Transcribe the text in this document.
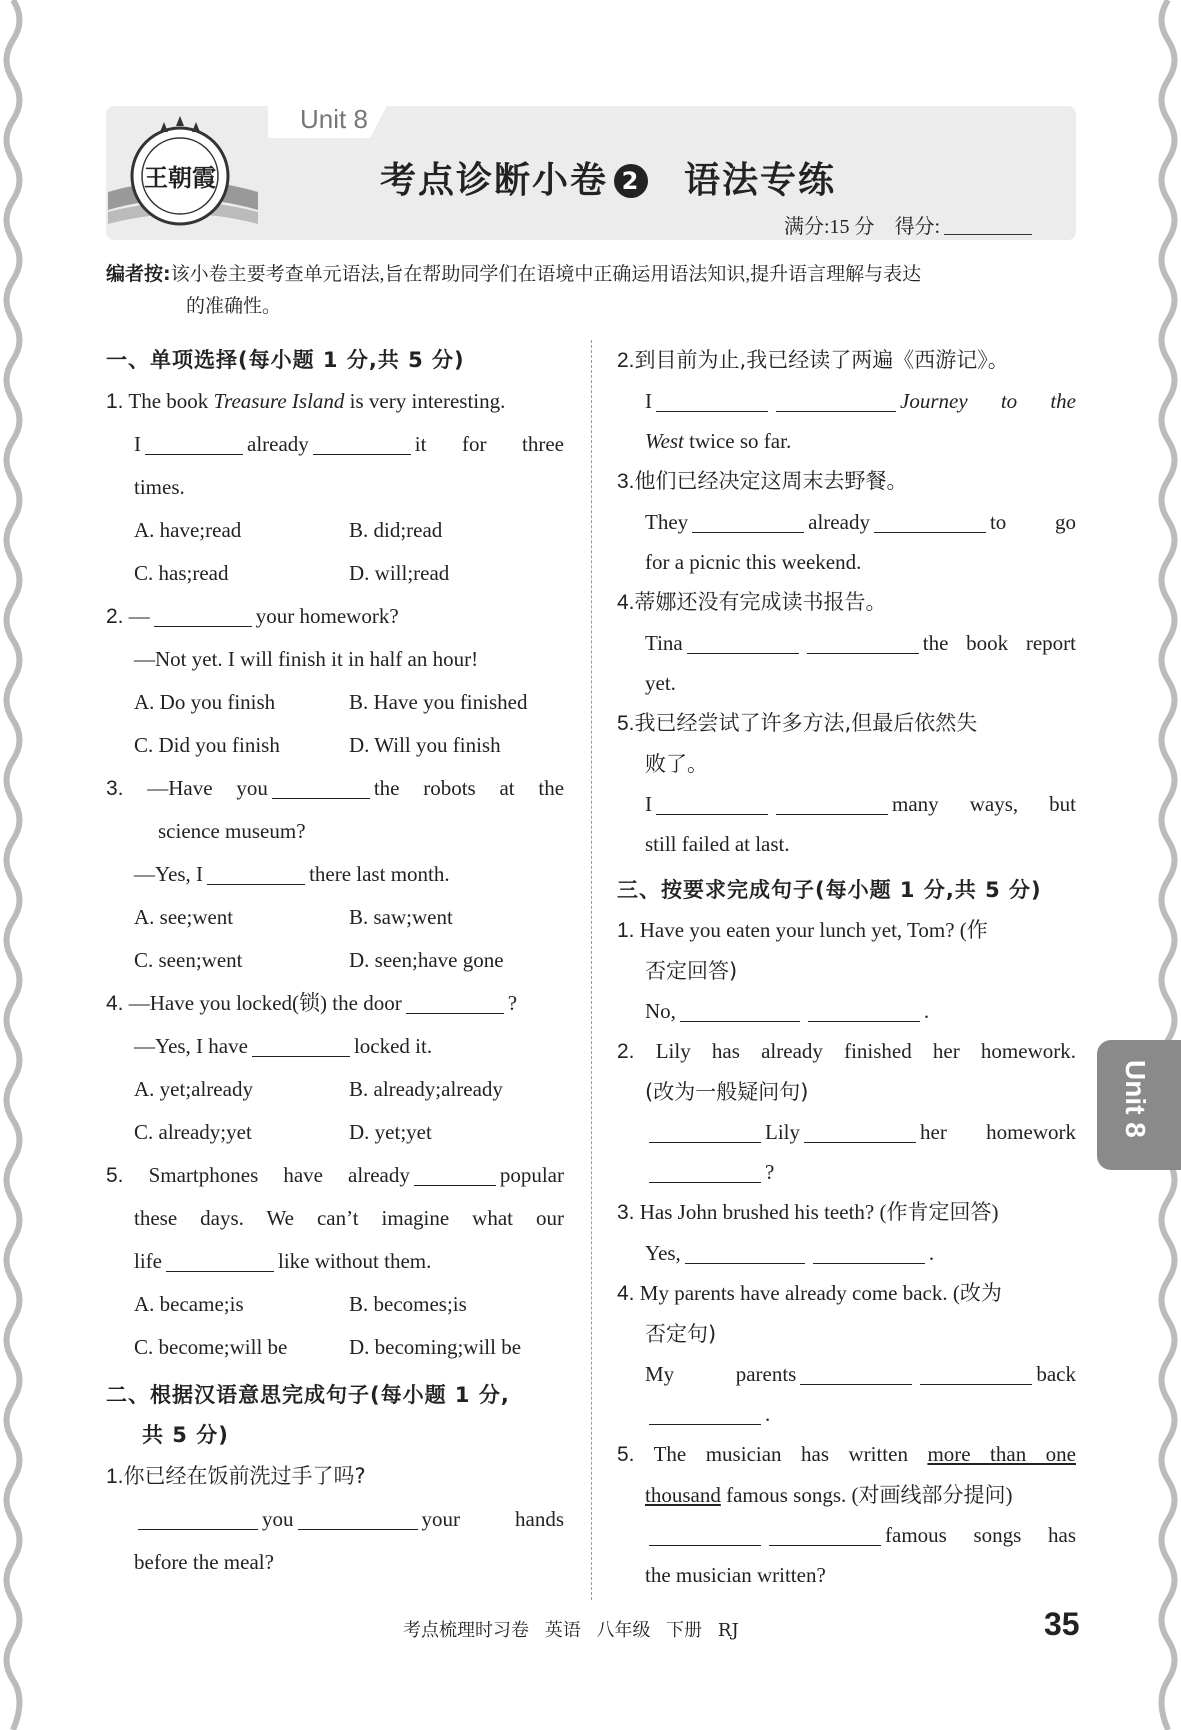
Unit 8
王朝霞	考点诊断小卷 2 语法专练
满分:15 分 得分:
编者按:该小卷主要考查单元语法,旨在帮助同学们在语境中正确运用语法知识,提升语言理解与表达
的准确性。

一、单项选择(每小题 1 分,共 5 分)

1. The book Treasure Island is very interesting.

I	already	it for three

times.

A. have;read	B. did;read
C. has;read	D. will;read

2. —	your homework?

—Not yet. I will finish it in half an hour!

A. Do you finish	B. Have you finished
C. Did you finish	D. Will you finish

3. —Have you	the robots at the

science museum?

—Yes, I	there last month.

A. see;went	B. saw;went
C. seen;went	D. seen;have gone

4. —Have you locked(锁) the door	?

—Yes, I have	locked it.

A. yet;already	B. already;already
C. already;yet	D. yet;yet

5. Smartphones have already	popular

these days. We can’t imagine what our

life	like without them.

A. became;is	B. becomes;is
C. become;will be	D. becoming;will be

二、根据汉语意思完成句子(每小题 1 分,

共 5 分)

1.你已经在饭前洗过手了吗?

you	your hands

before the meal?

2.到目前为止,我已经读了两遍《西游记》。

I	Journey to the

West twice so far.

3.他们已经决定这周末去野餐。

They	already	to go

for a picnic this weekend.

4.蒂娜还没有完成读书报告。

Tina	the book report

yet.

5.我已经尝试了许多方法,但最后依然失

败了。

I	many ways, but

still failed at last.

三、按要求完成句子(每小题 1 分,共 5 分)

1. Have you eaten your lunch yet, Tom? (作

否定回答)

No,	.

2. Lily has already finished her homework.

(改为一般疑问句)

Lily	her homework

?

3. Has John brushed his teeth? (作肯定回答)

Yes,	.

4. My parents have already come back. (改为

否定句)

My parents	back

.

5. The musician has written more than one

thousand famous songs. (对画线部分提问)

famous songs has

the musician written?

Unit 8
考点梳理时习卷 英语 八年级 下册 RJ	35
